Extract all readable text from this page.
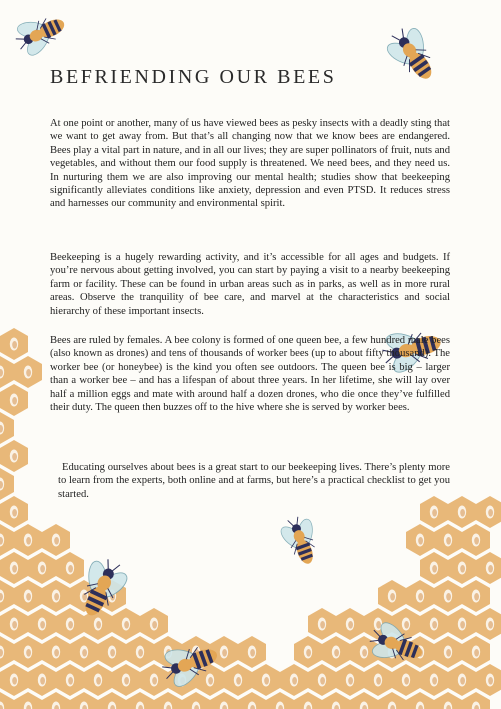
BEFRIENDING OUR BEES

At one point or another, many of us have viewed bees as pesky insects with a deadly sting that we want to get away from. But that’s all changing now that we know bees are endangered. Bees play a vital part in nature, and in all our lives; they are super pollinators of fruit, nuts and vegetables, and without them our food supply is threatened. We need bees, and they need us. In nurturing them we are also improving our mental health; studies show that beekeeping significantly alleviates conditions like anxiety, depression and even PTSD. It reduces stress and harnesses our community and environmental spirit.

Beekeeping is a hugely rewarding activity, and it’s accessible for all ages and budgets. If you’re nervous about getting involved, you can start by paying a visit to a nearby beekeeping farm or facility. These can be found in urban areas such as in parks, as well as in more rural areas. Observe the tranquility of bee care, and marvel at the characteristics and social hierarchy of these important insects.

Bees are ruled by females. A bee colony is formed of one queen bee, a few hundred male bees (also known as drones) and tens of thousands of worker bees (up to about fifty thousand). The worker bee (or honeybee) is the kind you often see outdoors. The queen bee is big – larger than a worker bee – and has a lifespan of about three years. In her lifetime, she will lay over half a million eggs and mate with around half a dozen drones, who die once they’ve fulfilled their duty. The queen then buzzes off to the hive where she is served by worker bees.

Educating ourselves about bees is a great start to our beekeeping lives. There’s plenty more to learn from the experts, both online and at farms, but here’s a practical checklist to get you started.
